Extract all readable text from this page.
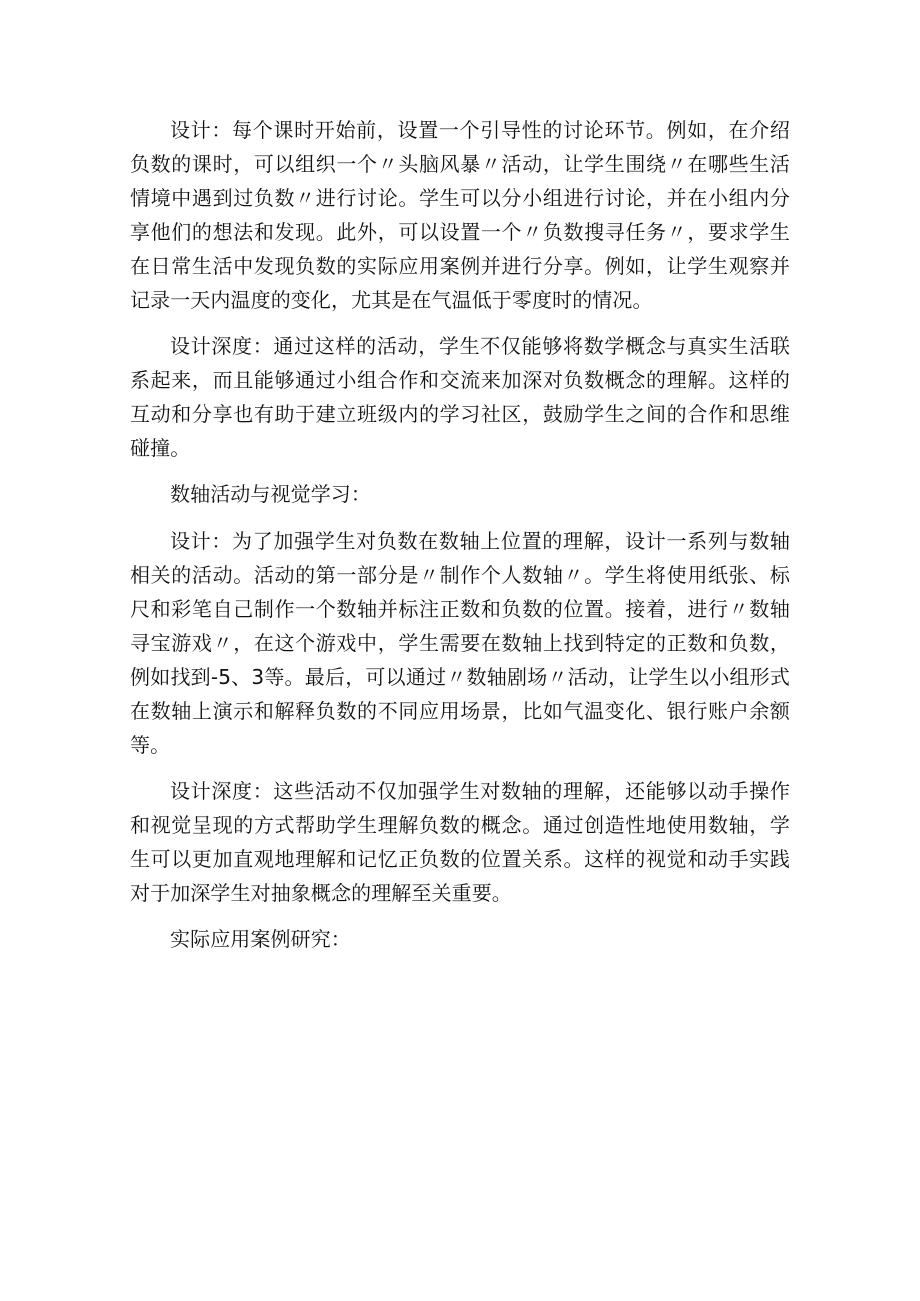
设计：每个课时开始前，设置一个引导性的讨论环节。例如，在介绍负数的课时，可以组织一个〃头脑风暴〃活动，让学生围绕〃在哪些生活情境中遇到过负数〃进行讨论。学生可以分小组进行讨论，并在小组内分享他们的想法和发现。此外，可以设置一个〃负数搜寻任务〃，要求学生在日常生活中发现负数的实际应用案例并进行分享。例如，让学生观察并记录一天内温度的变化，尤其是在气温低于零度时的情况。

设计深度：通过这样的活动，学生不仅能够将数学概念与真实生活联系起来，而且能够通过小组合作和交流来加深对负数概念的理解。这样的互动和分享也有助于建立班级内的学习社区，鼓励学生之间的合作和思维碰撞。

数轴活动与视觉学习：

设计：为了加强学生对负数在数轴上位置的理解，设计一系列与数轴相关的活动。活动的第一部分是〃制作个人数轴〃。学生将使用纸张、标尺和彩笔自己制作一个数轴并标注正数和负数的位置。接着，进行〃数轴寻宝游戏〃，在这个游戏中，学生需要在数轴上找到特定的正数和负数，例如找到-5、3等。最后，可以通过〃数轴剧场〃活动，让学生以小组形式在数轴上演示和解释负数的不同应用场景，比如气温变化、银行账户余额等。

设计深度：这些活动不仅加强学生对数轴的理解，还能够以动手操作和视觉呈现的方式帮助学生理解负数的概念。通过创造性地使用数轴，学生可以更加直观地理解和记忆正负数的位置关系。这样的视觉和动手实践对于加深学生对抽象概念的理解至关重要。

实际应用案例研究：
